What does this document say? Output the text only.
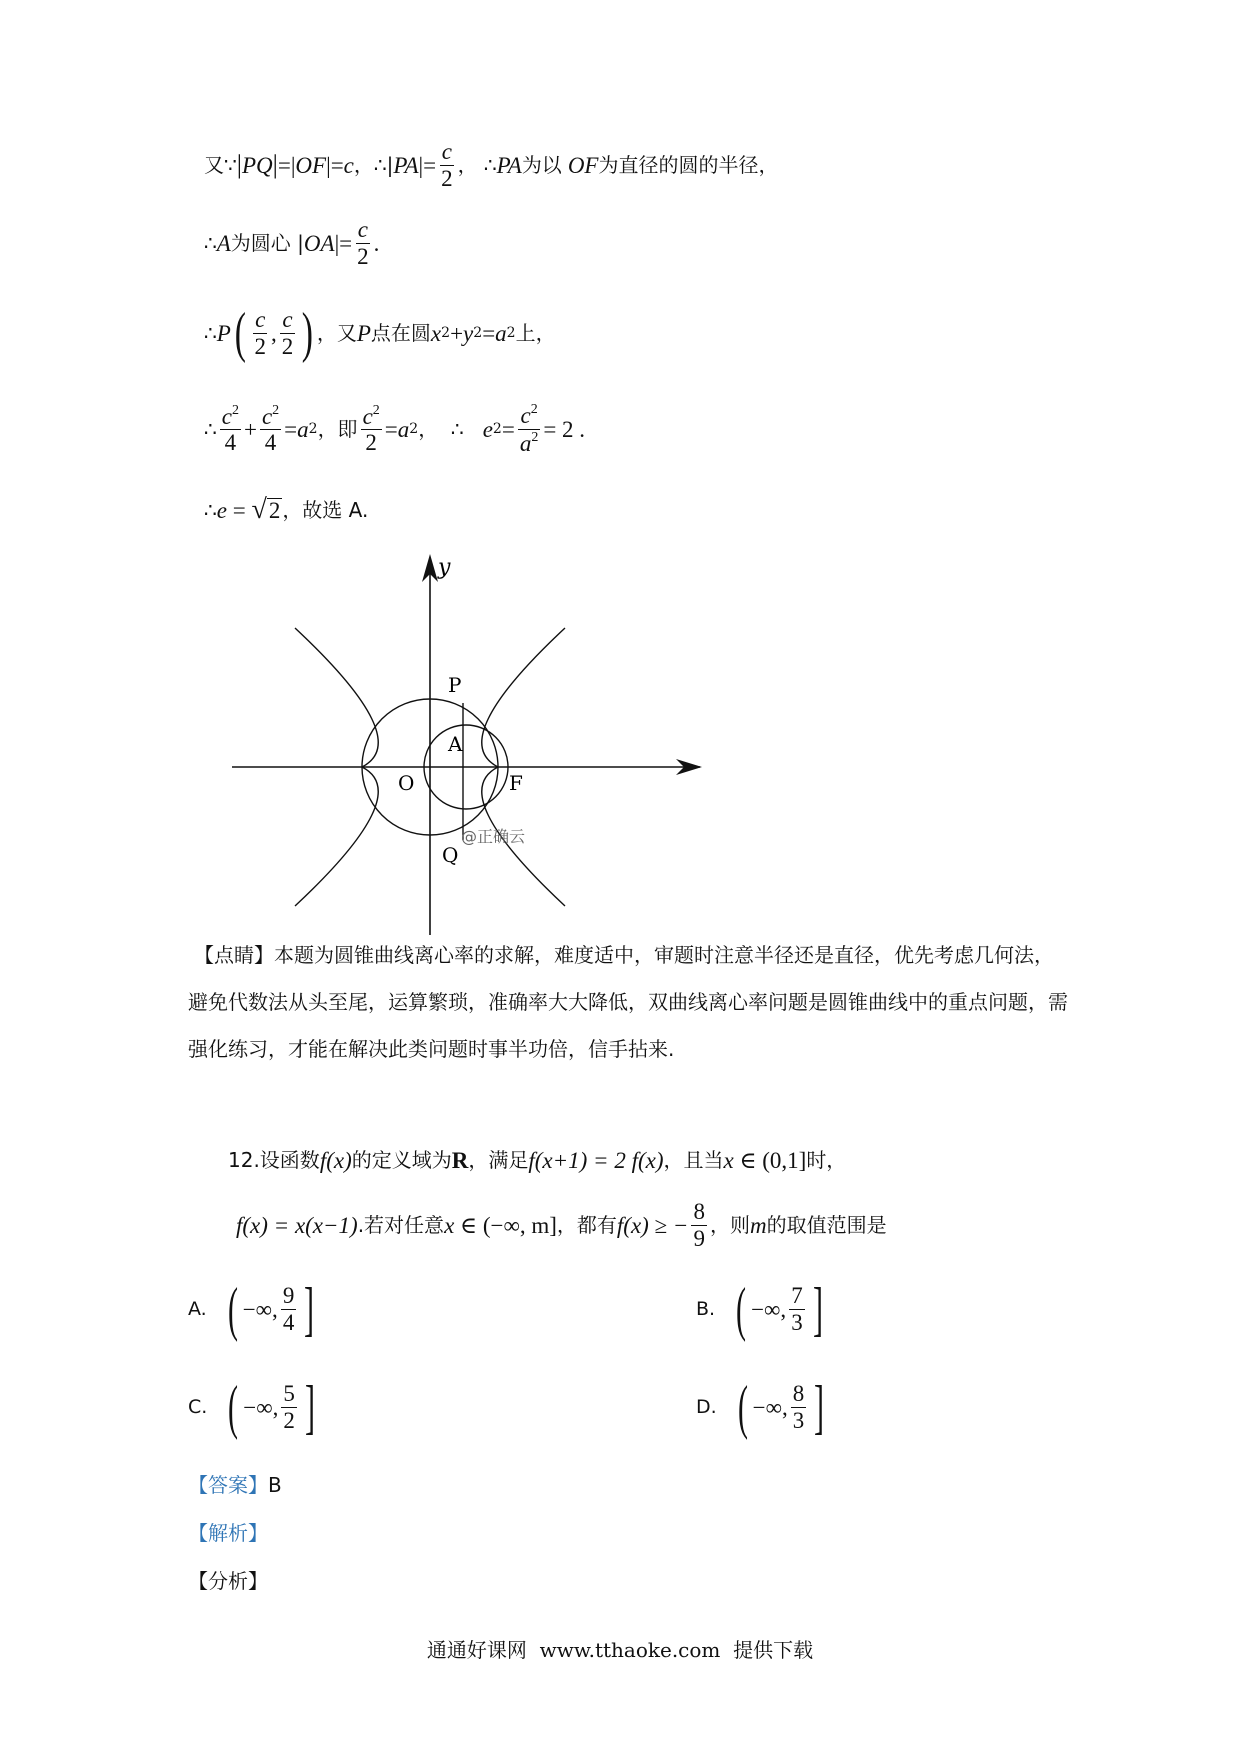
又∵ | PQ | =| OF |= c ，∴| PA |= $\frac{c}{2}$ ， ∴ PA 为以 OF 为直径的圆的半径，
∴ A 为圆心 | OA |= $\frac{c}{2}$ .
∴ P ( $\frac{c}{2}$ , $\frac{c}{2}$ ) ，又 P 点在圆 x 2 + y 2 = a 2 上，
∴ $\frac{c^2}{4} + \frac{c^2}{4} = a$ 2 ，即 $\frac{c^2}{2} = a$ 2 ，  ∴ e $2 = \frac{c^2}{a^2} = 2$ .
∴ e = √ 2 ，故选 A.
y
P
A
O	F
Q
@正确云
【点睛】本题为圆锥曲线离心率的求解，难度适中，审题时注意半径还是直径，优先考虑几何法，避免代数法从头至尾，运算繁琐，准确率大大降低，双曲线离心率问题是圆锥曲线中的重点问题，需强化练习，才能在解决此类问题时事半功倍，信手拈来.
12.设函数 f(x) 的定义域为 R ，满足 f(x+1) = 2 f(x) ，且当 x ∈ (0,1] 时，
f(x) = x(x−1) .若对任意 x ∈ (−∞, m] ，都有 f(x) ≥ − $\frac{8}{9}$ ，则 m 的取值范围是
A. ( −∞, $\frac{9}{4}$ ]	B. ( −∞, $\frac{7}{3}$ ]
C. ( −∞, $\frac{5}{2}$ ]	D. ( −∞, $\frac{8}{3}$ ]
【答案】 B
【解析】
【分析】
通通好课网  www.tthaoke.com  提供下载
